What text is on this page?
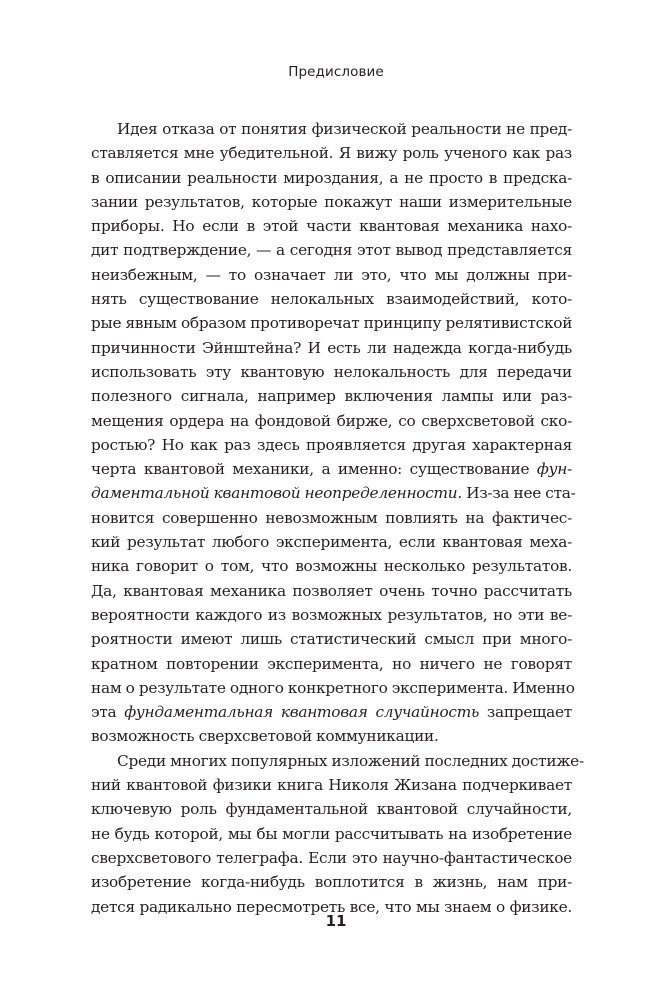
Предисловие
Идея отказа от понятия физической реальности не пред-
ставляется мне убедительной. Я вижу роль ученого как раз
в описании реальности мироздания, а не просто в предска-
зании результатов, которые покажут наши измерительные
приборы. Но если в этой части квантовая механика нахо-
дит подтверждение, — а сегодня этот вывод представляется
неизбежным, — то означает ли это, что мы должны при-
нять существование нелокальных взаимодействий, кото-
рые явным образом противоречат принципу релятивистской
причинности Эйнштейна? И есть ли надежда когда-нибудь
использовать эту квантовую нелокальность для передачи
полезного сигнала, например включения лампы или раз-
мещения ордера на фондовой бирже, со сверхсветовой ско-
ростью? Но как раз здесь проявляется другая характерная
черта квантовой механики, а именно: существование фун-
даментальной квантовой неопределенности. Из-за нее ста-
новится совершенно невозможным повлиять на фактичес-
кий результат любого эксперимента, если квантовая меха-
ника говорит о том, что возможны несколько результатов.
Да, квантовая механика позволяет очень точно рассчитать
вероятности каждого из возможных результатов, но эти ве-
роятности имеют лишь статистический смысл при много-
кратном повторении эксперимента, но ничего не говорят
нам о результате одного конкретного эксперимента. Именно
эта фундаментальная квантовая случайность запрещает
возможность сверхсветовой коммуникации.
Среди многих популярных изложений последних достиже-
ний квантовой физики книга Николя Жизана подчеркивает
ключевую роль фундаментальной квантовой случайности,
не будь которой, мы бы могли рассчитывать на изобретение
сверхсветового телеграфа. Если это научно-фантастическое
изобретение когда-нибудь воплотится в жизнь, нам при-
дется радикально пересмотреть все, что мы знаем о физике.
11
